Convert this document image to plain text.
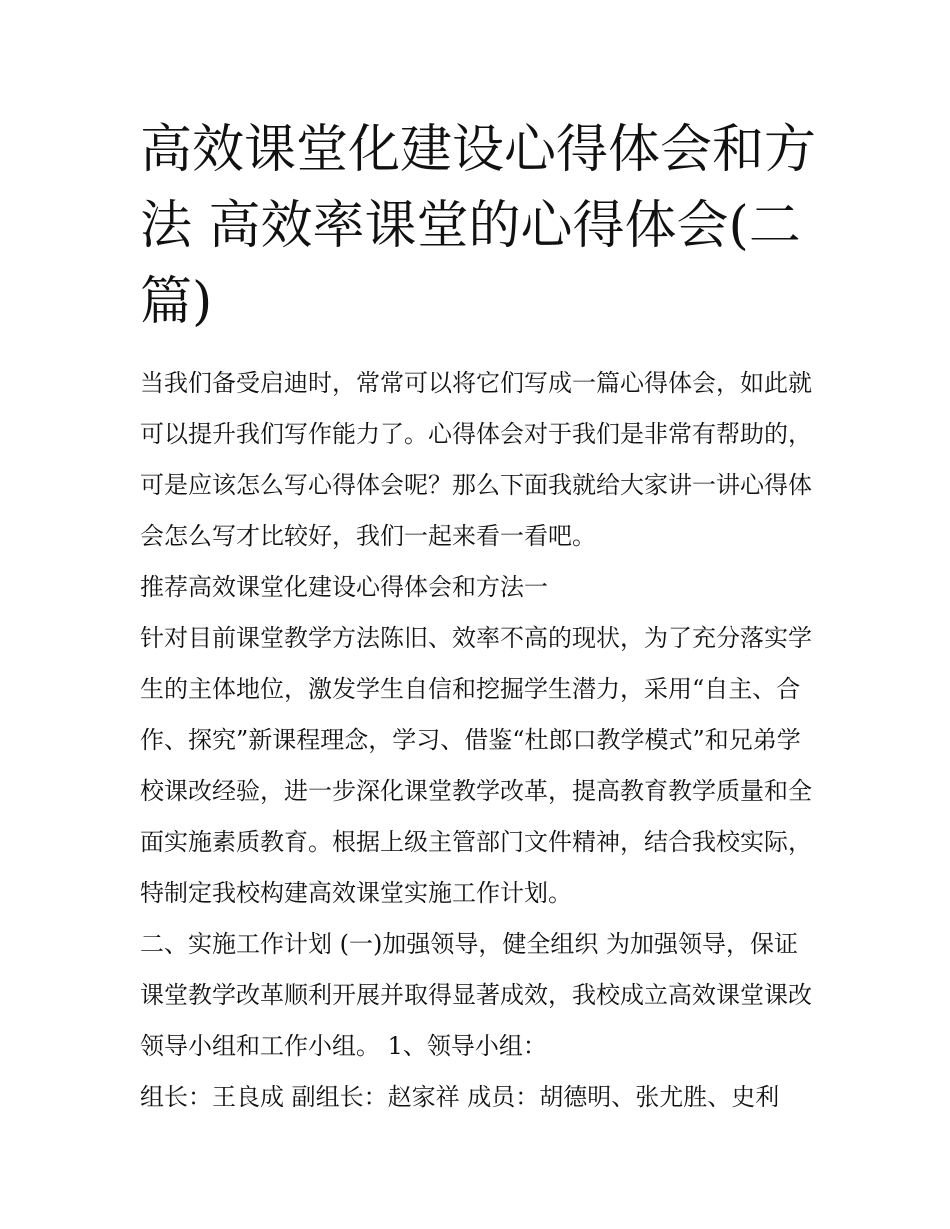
高效课堂化建设心得体会和方法 高效率课堂的心得体会(二篇)

当我们备受启迪时，常常可以将它们写成一篇心得体会，如此就可以提升我们写作能力了。心得体会对于我们是非常有帮助的，可是应该怎么写心得体会呢？那么下面我就给大家讲一讲心得体会怎么写才比较好，我们一起来看一看吧。

推荐高效课堂化建设心得体会和方法一

针对目前课堂教学方法陈旧、效率不高的现状，为了充分落实学生的主体地位，激发学生自信和挖掘学生潜力，采用“自主、合作、探究”新课程理念，学习、借鉴“杜郎口教学模式”和兄弟学校课改经验，进一步深化课堂教学改革，提高教育教学质量和全面实施素质教育。根据上级主管部门文件精神，结合我校实际，特制定我校构建高效课堂实施工作计划。

二、实施工作计划 (一)加强领导，健全组织 为加强领导，保证课堂教学改革顺利开展并取得显著成效，我校成立高效课堂课改领导小组和工作小组。 1、领导小组：

组长：王良成 副组长：赵家祥 成员：胡德明、张尤胜、史利
